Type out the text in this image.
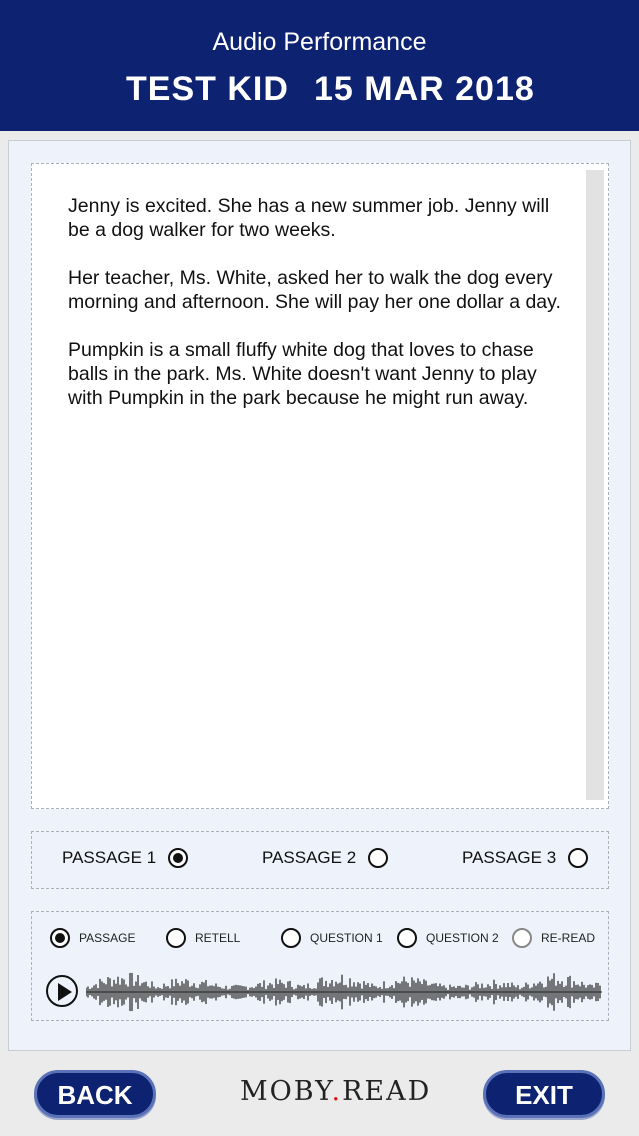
Audio Performance
TEST KID 15 MAR 2018

Jenny is excited. She has a new summer job. Jenny will be a dog walker for two weeks.

Her teacher, Ms. White, asked her to walk the dog every morning and afternoon. She will pay her one dollar a day.

Pumpkin is a small fluffy white dog that loves to chase balls in the park. Ms. White doesn't want Jenny to play with Pumpkin in the park because he might run away.

PASSAGE 1	PASSAGE 2	PASSAGE 3
PASSAGE	RETELL	QUESTION 1	QUESTION 2	RE-READ
BACK	MOBY.READ	EXIT
